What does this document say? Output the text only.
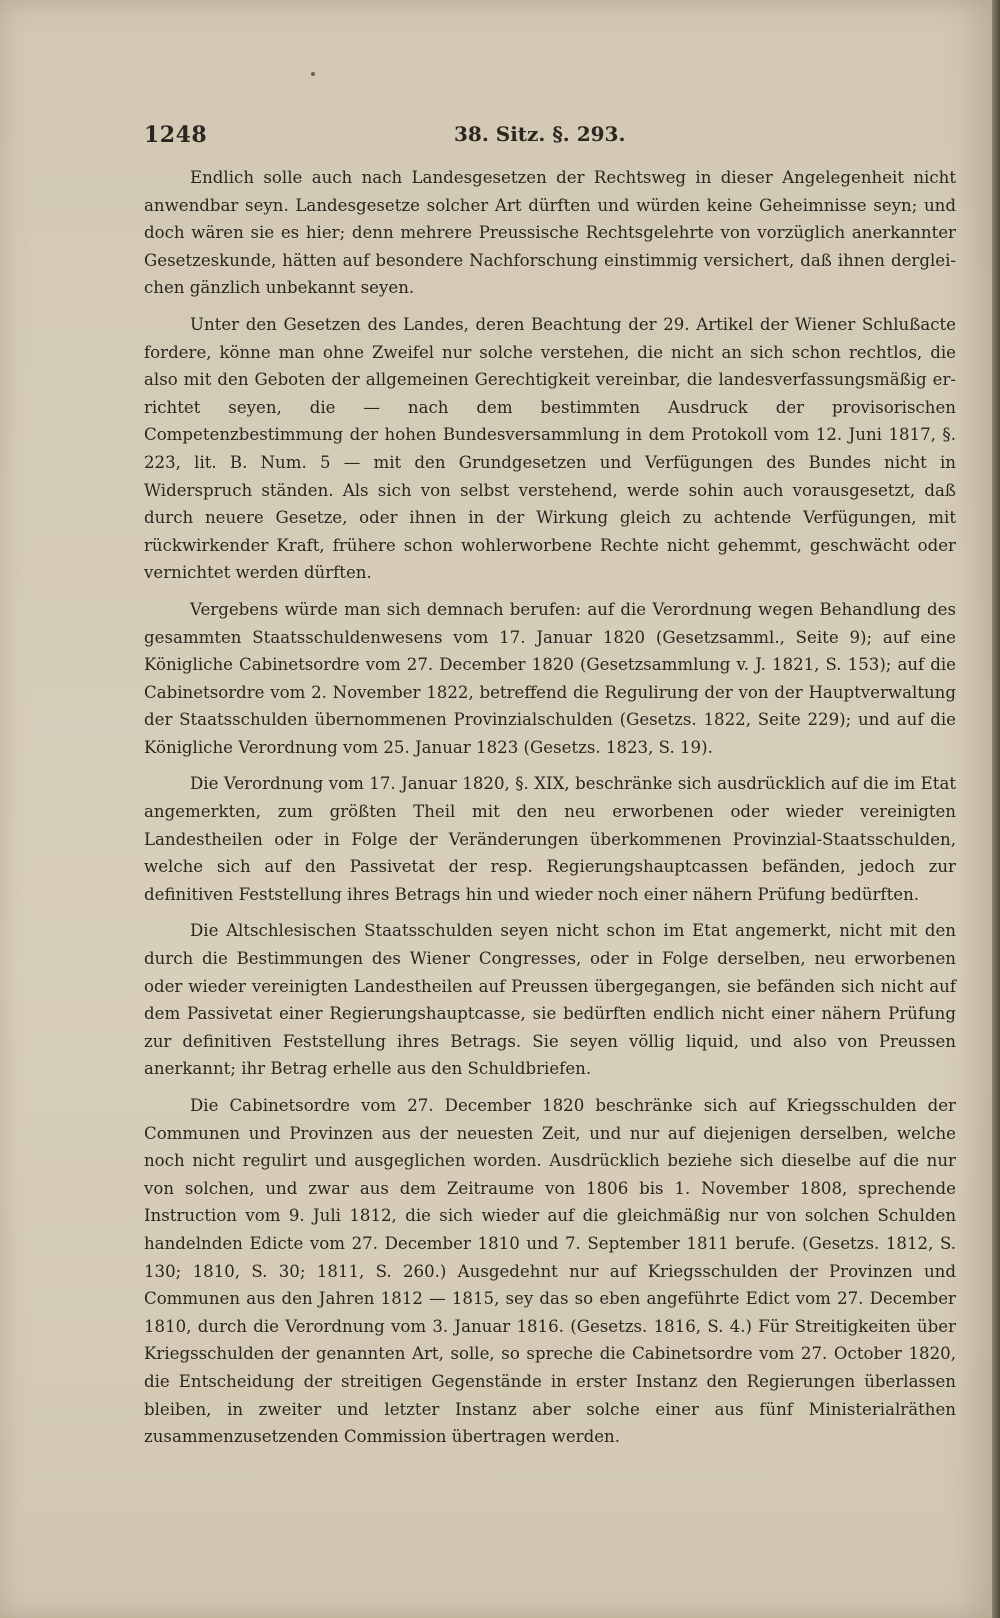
1248	38. Sitz. §. 293.

Endlich solle auch nach Landesgesetzen der Rechtsweg in dieser Angelegenheit nicht anwendbar seyn. Landesgesetze solcher Art dürften und würden keine Geheimnisse seyn; und doch wären sie es hier; denn mehrere Preussische Rechtsgelehrte von vorzüglich anerkannter Gesetzeskunde, hätten auf besondere Nachforschung einstimmig versichert, daß ihnen dergleichen gänzlich unbekannt seyen.

Unter den Gesetzen des Landes, deren Beachtung der 29. Artikel der Wiener Schlußacte fordere, könne man ohne Zweifel nur solche verstehen, die nicht an sich schon rechtlos, die also mit den Geboten der allgemeinen Gerechtigkeit vereinbar, die landesverfassungsmäßig errichtet seyen, die — nach dem bestimmten Ausdruck der provisorischen Competenzbestimmung der hohen Bundesversammlung in dem Protokoll vom 12. Juni 1817, §. 223, lit. B. Num. 5 — mit den Grundgesetzen und Verfügungen des Bundes nicht in Widerspruch ständen. Als sich von selbst verstehend, werde sohin auch vorausgesetzt, daß durch neuere Gesetze, oder ihnen in der Wirkung gleich zu achtende Verfügungen, mit rückwirkender Kraft, frühere schon wohlerworbene Rechte nicht gehemmt, geschwächt oder vernichtet werden dürften.

Vergebens würde man sich demnach berufen: auf die Verordnung wegen Behandlung des gesammten Staatsschuldenwesens vom 17. Januar 1820 (Gesetzsamml., Seite 9); auf eine Königliche Cabinetsordre vom 27. December 1820 (Gesetzsammlung v. J. 1821, S. 153); auf die Cabinetsordre vom 2. November 1822, betreffend die Regulirung der von der Hauptverwaltung der Staatsschulden übernommenen Provinzialschulden (Gesetzs. 1822, Seite 229); und auf die Königliche Verordnung vom 25. Januar 1823 (Gesetzs. 1823, S. 19).

Die Verordnung vom 17. Januar 1820, §. XIX, beschränke sich ausdrücklich auf die im Etat angemerkten, zum größten Theil mit den neu erworbenen oder wieder vereinigten Landestheilen oder in Folge der Veränderungen überkommenen Provinzial-Staatsschulden, welche sich auf den Passivetat der resp. Regierungshauptcassen befänden, jedoch zur definitiven Feststellung ihres Betrags hin und wieder noch einer nähern Prüfung bedürften.

Die Altschlesischen Staatsschulden seyen nicht schon im Etat angemerkt, nicht mit den durch die Bestimmungen des Wiener Congresses, oder in Folge derselben, neu erworbenen oder wieder vereinigten Landestheilen auf Preussen übergegangen, sie befänden sich nicht auf dem Passivetat einer Regierungshauptcasse, sie bedürften endlich nicht einer nähern Prüfung zur definitiven Feststellung ihres Betrags. Sie seyen völlig liquid, und also von Preussen anerkannt; ihr Betrag erhelle aus den Schuldbriefen.

Die Cabinetsordre vom 27. December 1820 beschränke sich auf Kriegsschulden der Communen und Provinzen aus der neuesten Zeit, und nur auf diejenigen derselben, welche noch nicht regulirt und ausgeglichen worden. Ausdrücklich beziehe sich dieselbe auf die nur von solchen, und zwar aus dem Zeitraume von 1806 bis 1. November 1808, sprechende Instruction vom 9. Juli 1812, die sich wieder auf die gleichmäßig nur von solchen Schulden handelnden Edicte vom 27. December 1810 und 7. September 1811 berufe. (Gesetzs. 1812, S. 130; 1810, S. 30; 1811, S. 260.) Ausgedehnt nur auf Kriegsschulden der Provinzen und Communen aus den Jahren 1812 — 1815, sey das so eben angeführte Edict vom 27. December 1810, durch die Verordnung vom 3. Januar 1816. (Gesetzs. 1816, S. 4.) Für Streitigkeiten über Kriegsschulden der genannten Art, solle, so spreche die Cabinetsordre vom 27. October 1820, die Entscheidung der streitigen Gegenstände in erster Instanz den Regierungen überlassen bleiben, in zweiter und letzter Instanz aber solche einer aus fünf Ministerialräthen zusammenzusetzenden Commission übertragen werden.
